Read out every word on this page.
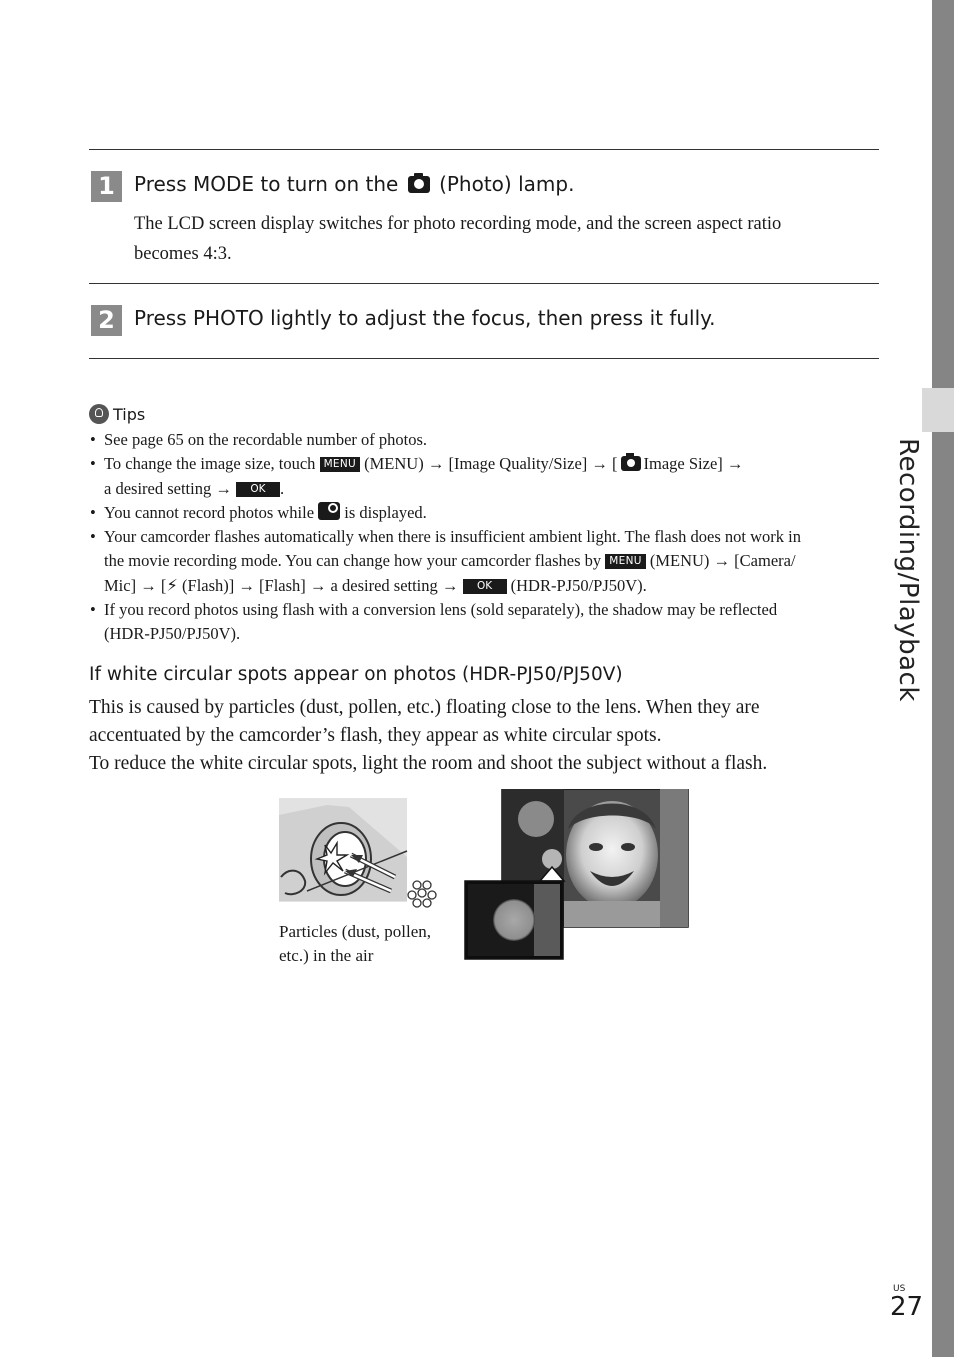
Recording/Playback
1 Press MODE to turn on the (Photo) lamp.
The LCD screen display switches for photo recording mode, and the screen aspect ratio
becomes 4:3.
2 Press PHOTO lightly to adjust the focus, then press it fully.
Tips
• See page 65 on the recordable number of photos.
• To change the image size, touch MENU (MENU) → [Image Quality/Size] → [ Image Size] →
a desired setting → OK .
• You cannot record photos while is displayed.
• Your camcorder flashes automatically when there is insufficient ambient light. The flash does not work in
the movie recording mode. You can change how your camcorder flashes by MENU (MENU) → [Camera/
Mic] → [⚡ (Flash)] → [Flash] → a desired setting → OK (HDR-PJ50/PJ50V).
• If you record photos using flash with a conversion lens (sold separately), the shadow may be reflected
(HDR-PJ50/PJ50V).
If white circular spots appear on photos (HDR-PJ50/PJ50V)
This is caused by particles (dust, pollen, etc.) floating close to the lens. When they are
accentuated by the camcorder’s flash, they appear as white circular spots.
To reduce the white circular spots, light the room and shoot the subject without a flash.
Particles (dust, pollen,
etc.) in the air
US
27
